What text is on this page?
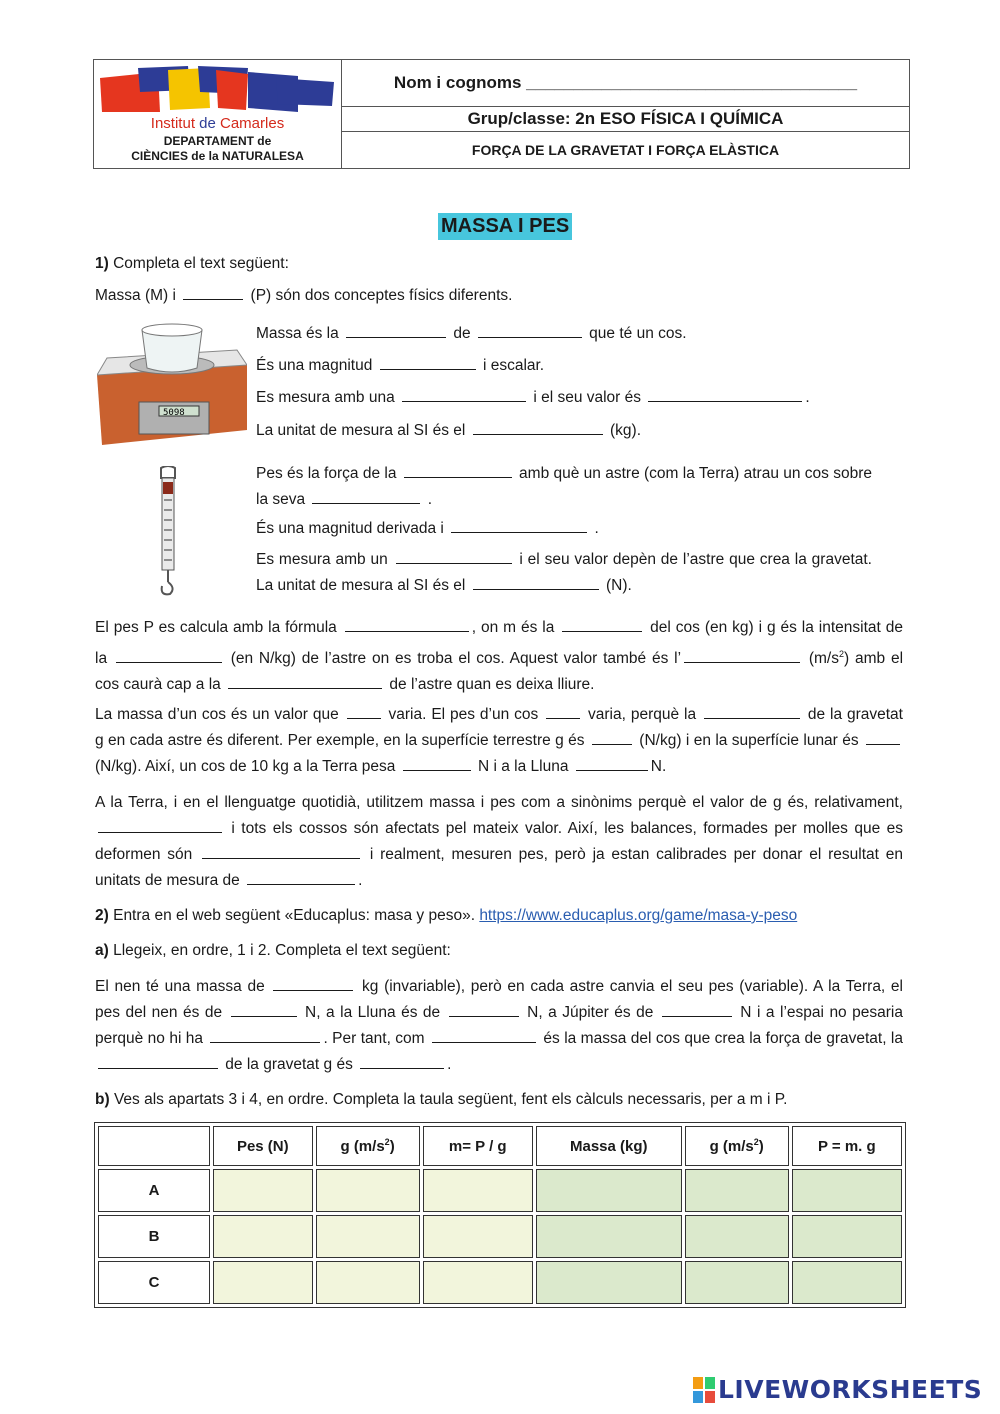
Institut de Camarles
DEPARTAMENT de
CIÈNCIES de la NATURALESA
Nom i cognoms ___________________________________
Grup/classe: 2n ESO FÍSICA I QUÍMICA
FORÇA DE LA GRAVETAT I FORÇA ELÀSTICA
MASSA I PES
1) Completa el text següent:
Massa (M) i	(P) són dos conceptes físics diferents.
5098
Massa és la	de	que té un cos.
És una magnitud	i escalar.
Es mesura amb una	i el seu valor és	.
La unitat de mesura al SI és el	(kg).
Pes és la força de la	amb què un astre (com la Terra) atrau un cos sobre la seva	.
És una magnitud derivada i	.
Es mesura amb un	i el seu valor depèn de l’astre que crea la gravetat. La unitat de mesura al SI és el	(N).
El pes P es calcula amb la fórmula	, on m és la	del cos (en kg) i g és la intensitat de la	(en N/kg) de l’astre on es troba el cos. Aquest valor també és l’	$(m/s^2)$ amb el cos caurà cap a la	de l’astre quan es deixa lliure.
La massa d’un cos és un valor que	varia. El pes d’un cos	varia, perquè la	de la gravetat g en cada astre és diferent. Per exemple, en la superfície terrestre g és	(N/kg) i en la superfície lunar és  (N/kg). Així, un cos de 10 kg a la Terra pesa	N i a la Lluna	N.
A la Terra, i en el llenguatge quotidià, utilitzem massa i pes com a sinònims perquè el valor de g és, relativament,  i tots els cossos són afectats pel mateix valor. Així, les balances, formades per molles que es deformen són	i realment, mesuren pes, però ja estan calibrades per donar el resultat en unitats de mesura de	.
2) Entra en el web següent «Educaplus: masa y peso». https://www.educaplus.org/game/masa-y-peso
a) Llegeix, en ordre, 1 i 2. Completa el text següent:
El nen té una massa de	kg (invariable), però en cada astre canvia el seu pes (variable). A la Terra, el pes del nen és de	N, a la Lluna és de	N, a Júpiter és de	N i a l’espai no pesaria perquè no hi ha	. Per tant, com	és la massa del cos que crea la força de gravetat, la  de la gravetat g és	.
b) Ves als apartats 3 i 4, en ordre. Completa la taula següent, fent els càlculs necessaris, per a m i P.
	Pes (N)	g $(m/s^2)$	m= P / g	Massa (kg)	g $(m/s^2)$	P = m. g
A						
B						
C						
LIVEWORKSHEETS
